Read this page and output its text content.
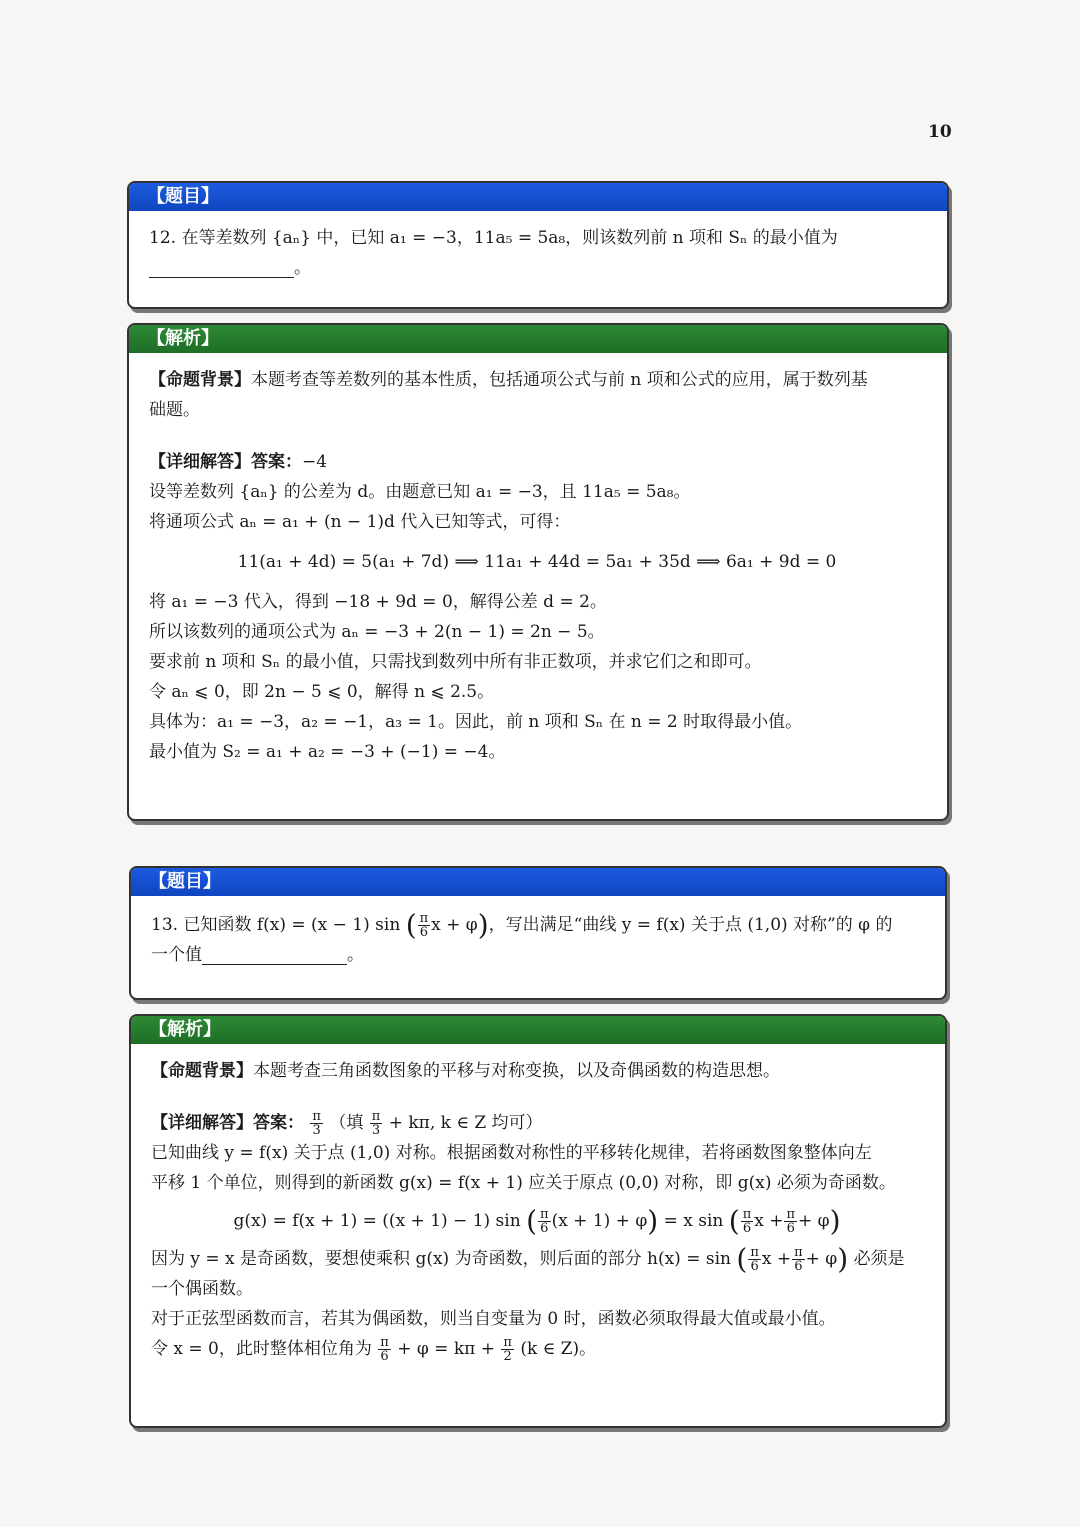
10
【题目】
12. 在等差数列 {aₙ} 中，已知 a₁ = −3，11a₅ = 5a₈，则该数列前 n 项和 Sₙ 的最小值为
。
【解析】
【命题背景】本题考查等差数列的基本性质，包括通项公式与前 n 项和公式的应用，属于数列基
础题。
【详细解答】答案：−4
设等差数列 {aₙ} 的公差为 d。由题意已知 a₁ = −3，且 11a₅ = 5a₈。
将通项公式 aₙ = a₁ + (n − 1)d 代入已知等式，可得：
11(a₁ + 4d) = 5(a₁ + 7d) ⟹ 11a₁ + 44d = 5a₁ + 35d ⟹ 6a₁ + 9d = 0
将 a₁ = −3 代入，得到 −18 + 9d = 0，解得公差 d = 2。
所以该数列的通项公式为 aₙ = −3 + 2(n − 1) = 2n − 5。
要求前 n 项和 Sₙ 的最小值，只需找到数列中所有非正数项，并求它们之和即可。
令 aₙ ⩽ 0，即 2n − 5 ⩽ 0，解得 n ⩽ 2.5。
具体为：a₁ = −3，a₂ = −1，a₃ = 1。因此，前 n 项和 Sₙ 在 n = 2 时取得最小值。
最小值为 S₂ = a₁ + a₂ = −3 + (−1) = −4。
【题目】
13. 已知函数 f(x) = (x − 1) sin ( $\frac{\pi}{6}$ x + φ)，写出满足“曲线 y = f(x) 关于点 (1,0) 对称”的 φ 的
一个值	。
【解析】
【命题背景】本题考查三角函数图象的平移与对称变换，以及奇偶函数的构造思想。
【详细解答】答案： $\frac{\pi}{3}$ （填 $\frac{\pi}{3} + k\pi$, k ∈ Z 均可）
已知曲线 y = f(x) 关于点 (1,0) 对称。根据函数对称性的平移转化规律，若将函数图象整体向左
平移 1 个单位，则得到的新函数 g(x) = f(x + 1) 应关于原点 (0,0) 对称，即 g(x) 必须为奇函数。
g(x) = f(x + 1) = ((x + 1) − 1) sin ( $\frac{\pi}{6} (x + 1) + \varphi) = x$ sin ( $\frac{\pi}{6}$ $x + \frac{\pi}{6} + \varphi$)
因为 y = x 是奇函数，要想使乘积 g(x) 为奇函数，则后面的部分 h(x) = sin ( $\frac{\pi}{6}$ $x + \frac{\pi}{6} + \varphi$) 必须是
一个偶函数。
对于正弦型函数而言，若其为偶函数，则当自变量为 0 时，函数必须取得最大值或最小值。
令 x = 0，此时整体相位角为 $\frac{\pi}{6} + \varphi = k\pi + \frac{\pi}{2} (k$ ∈ Z)。
